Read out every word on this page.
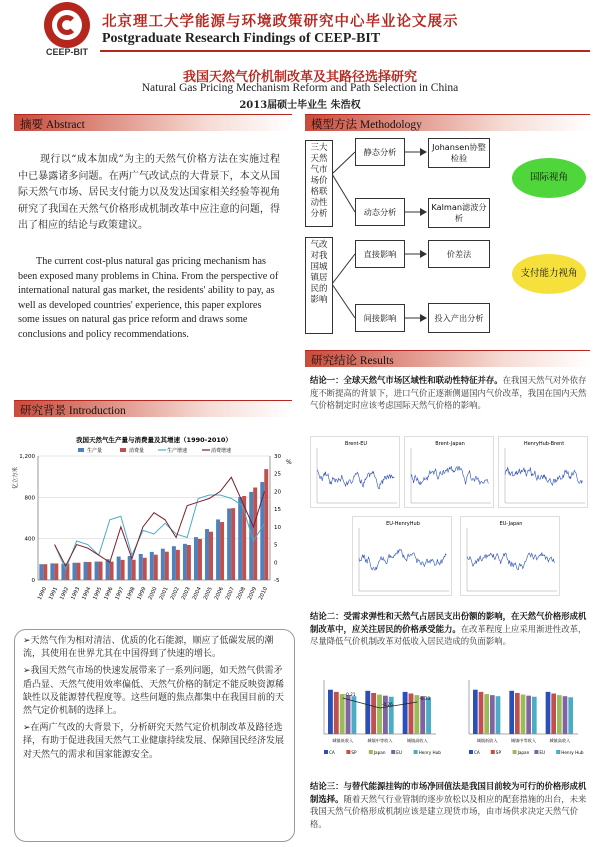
CEEP-BIT
北京理工大学能源与环境政策研究中心毕业论文展示
Postgraduate Research Findings of CEEP-BIT
我国天然气价机制改革及其路径选择研究
Natural Gas Pricing Mechanism Reform and Path Selection in China
2013届硕士毕业生 朱浩权
摘要 Abstract

现行以“成本加成”为主的天然气价格方法在实施过程中已暴露诸多问题。在两广气改试点的大背景下，本文从国际天然气市场、居民支付能力以及发达国家相关经验等视角研究了我国在天然气价格形成机制改革中应注意的问题，得出了相应的结论与政策建议。

The current cost-plus natural gas pricing mechanism has been exposed many problems in China. From the perspective of international natural gas market, the residents' ability to pay, as well as developed countries' experience, this paper explores some issues on natural gas price reform and draws some conclusions and policy recommendations.

模型方法 Methodology
三大天然气市场价格联动性分析
气改对我国城镇居民的影响
静态分析
动态分析
直接影响
间接影响
Johansen协整检验
Kalman滤波分析
价差法
投入产出分析
国际视角
支付能力视角
研究结论 Results

结论一：全球天然气市场区域性和联动性特征并存。在我国天然气对外依存度不断提高的背景下，进口气价正逐渐侧逼国内气价改革，我国在国内天然气价格制定时应该考虑国际天然气价格的影响。

Brent-EU	Brent-Japan	HenryHub-Brent
EU-HenryHub	EU-Japan

结论二：受需求弹性和天然气占居民支出份额的影响，在天然气价格形成机制改革中，应关注居民的价格承受能力。在改革程度上应采用渐进性改革，尽量降低气价机制改革对低收入居民造成的负面影响。

城镇低收入	城镇中等收入	城镇高收入
-0.21
-0.26
-0.33
CA	SP	Japan	EU	Henry Hub
城镇低收入	城镇中等收入	城镇高收入
CA	SP	Japan EU	Henry Hub

结论三：与替代能源挂钩的市场净回值法是我国目前较为可行的价格形成机制选择。随着天然气行业管制的逐步放松以及相应的配套措施的出台，未来我国天然气价格形成机制应该是建立现货市场，由市场供求决定天然气价格。

研究背景 Introduction
我国天然气生产量与消费量及其增速（1990-2010）
生产量	消费量	生产增速	消费增速
0
400
800
1,200
-5
0
5
10
15
20
25
30
亿立方米
%
1990 1991 1992 1993 1994 1995 1996 1997 1998 1999 2000 2001 2002 2003 2004 2005 2006 2007 2008 2009 2010

➢天然气作为相对清洁、优质的化石能源，顺应了低碳发展的潮流，其使用在世界尤其在中国得到了快速的增长。

➢我国天然气市场的快速发展带来了一系列问题，如天然气供需矛盾凸显、天然气使用效率偏低、天然气价格的制定不能反映资源稀缺性以及能源替代程度等。这些问题的焦点都集中在我国目前的天然气定价机制的选择上。

➢在两广气改的大背景下，分析研究天然气定价机制改革及路径选择，有助于促进我国天然气工业健康持续发展、保障国民经济发展对天然气的需求和国家能源安全。
